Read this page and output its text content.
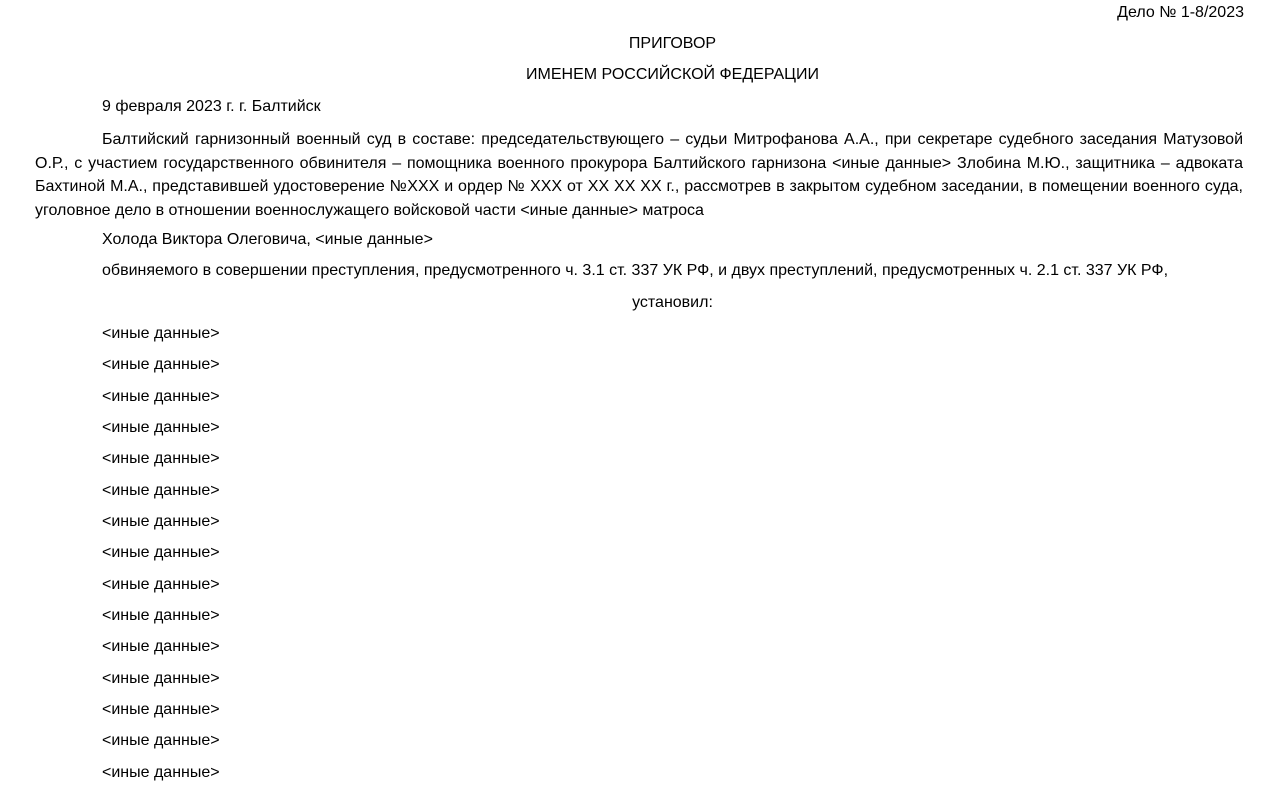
Дело № 1-8/2023
ПРИГОВОР
ИМЕНЕМ РОССИЙСКОЙ ФЕДЕРАЦИИ
9 февраля 2023 г. г. Балтийск

Балтийский гарнизонный военный суд в составе: председательствующего – судьи Митрофанова А.А., при секретаре судебного заседания Матузовой О.Р., с участием государственного обвинителя – помощника военного прокурора Балтийского гарнизона <иные данные> Злобина М.Ю., защитника – адвоката Бахтиной М.А., представившей удостоверение №XXX и ордер № XXX от XX XX XX г., рассмотрев в закрытом судебном заседании, в помещении военного суда, уголовное дело в отношении военнослужащего войсковой части <иные данные> матроса

Холода Виктора Олеговича, <иные данные>
обвиняемого в совершении преступления, предусмотренного ч. 3.1 ст. 337 УК РФ, и двух преступлений, предусмотренных ч. 2.1 ст. 337 УК РФ,
установил:
<иные данные>
<иные данные>
<иные данные>
<иные данные>
<иные данные>
<иные данные>
<иные данные>
<иные данные>
<иные данные>
<иные данные>
<иные данные>
<иные данные>
<иные данные>
<иные данные>
<иные данные>
